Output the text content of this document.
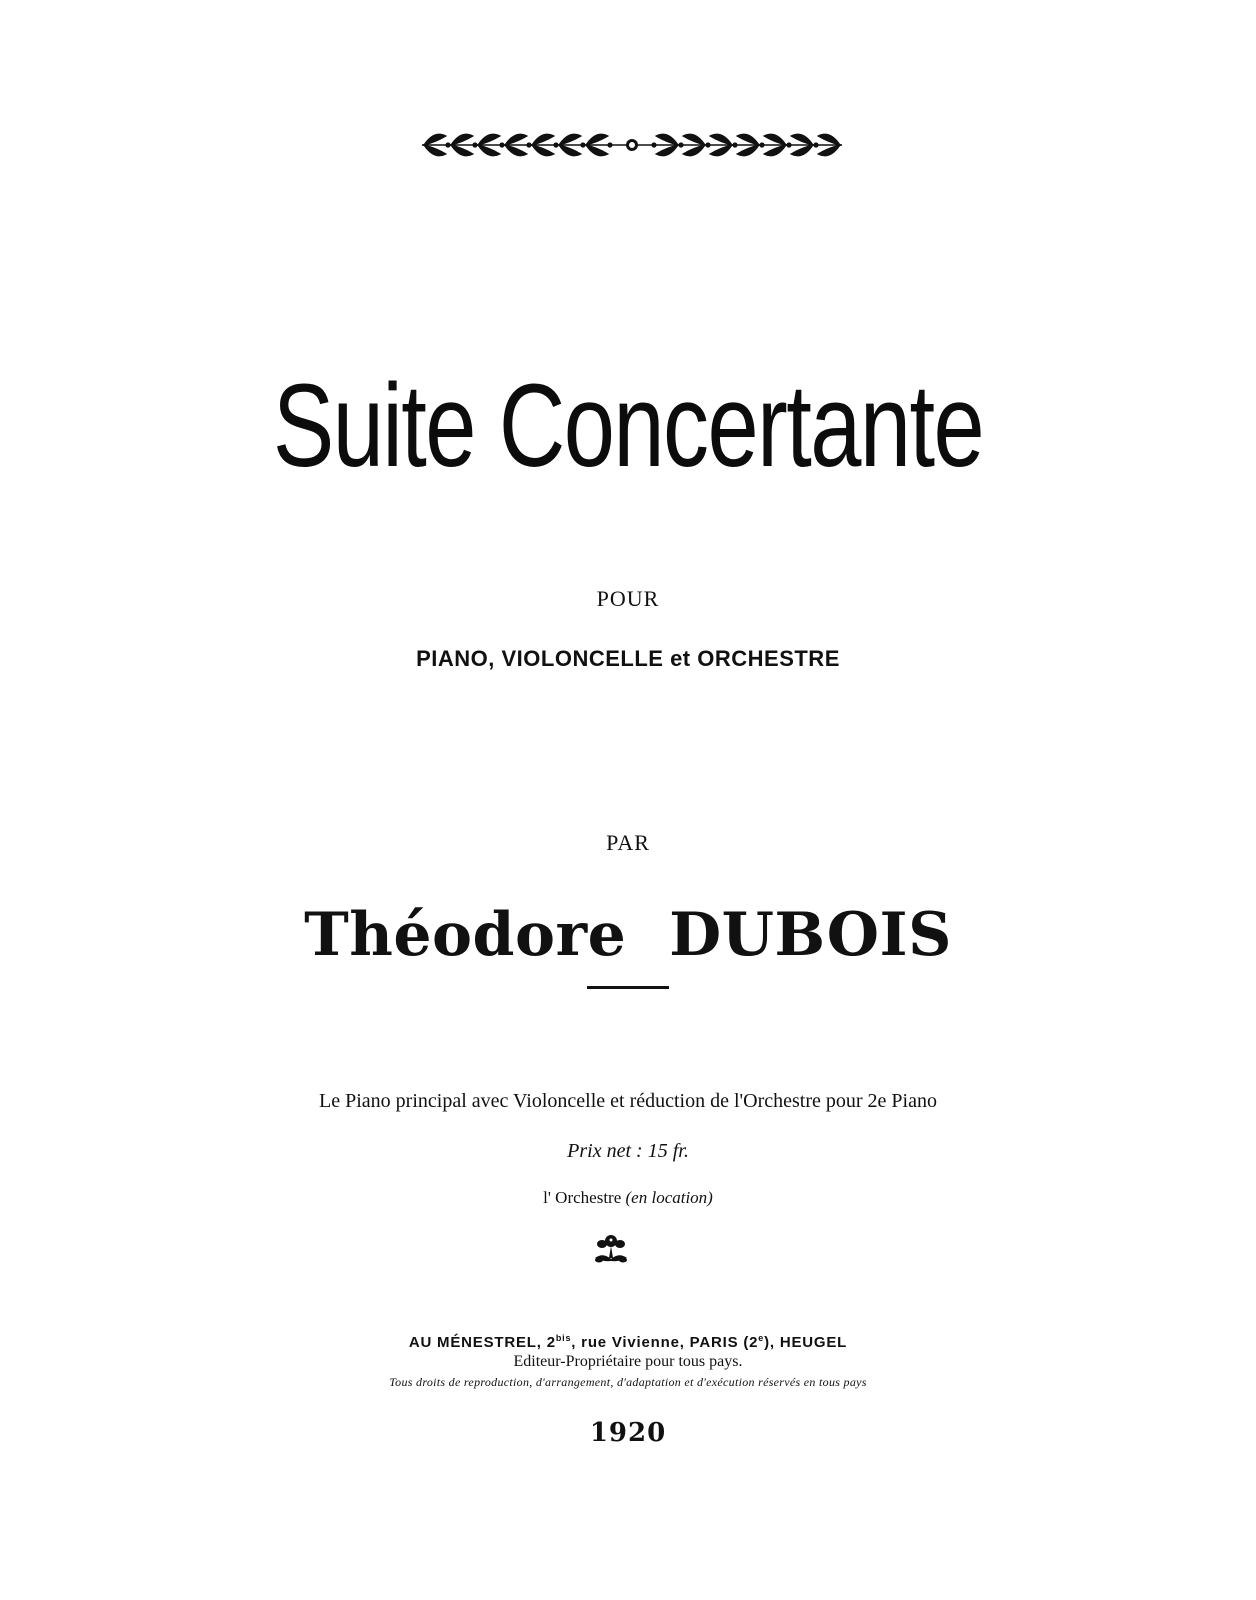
Suite Concertante
POUR
PIANO, VIOLONCELLE et ORCHESTRE
PAR
Théodore  DUBOIS
Le Piano principal avec Violoncelle et réduction de l'Orchestre pour 2e Piano
Prix net : 15 fr.
l' Orchestre (en location)
AU MÉNESTREL, $2^{bis}$, rue Vivienne, PARIS (2e), HEUGEL
Editeur-Propriétaire pour tous pays.
Tous droits de reproduction, d'arrangement, d'adaptation et d'exécution réservés en tous pays
1920
